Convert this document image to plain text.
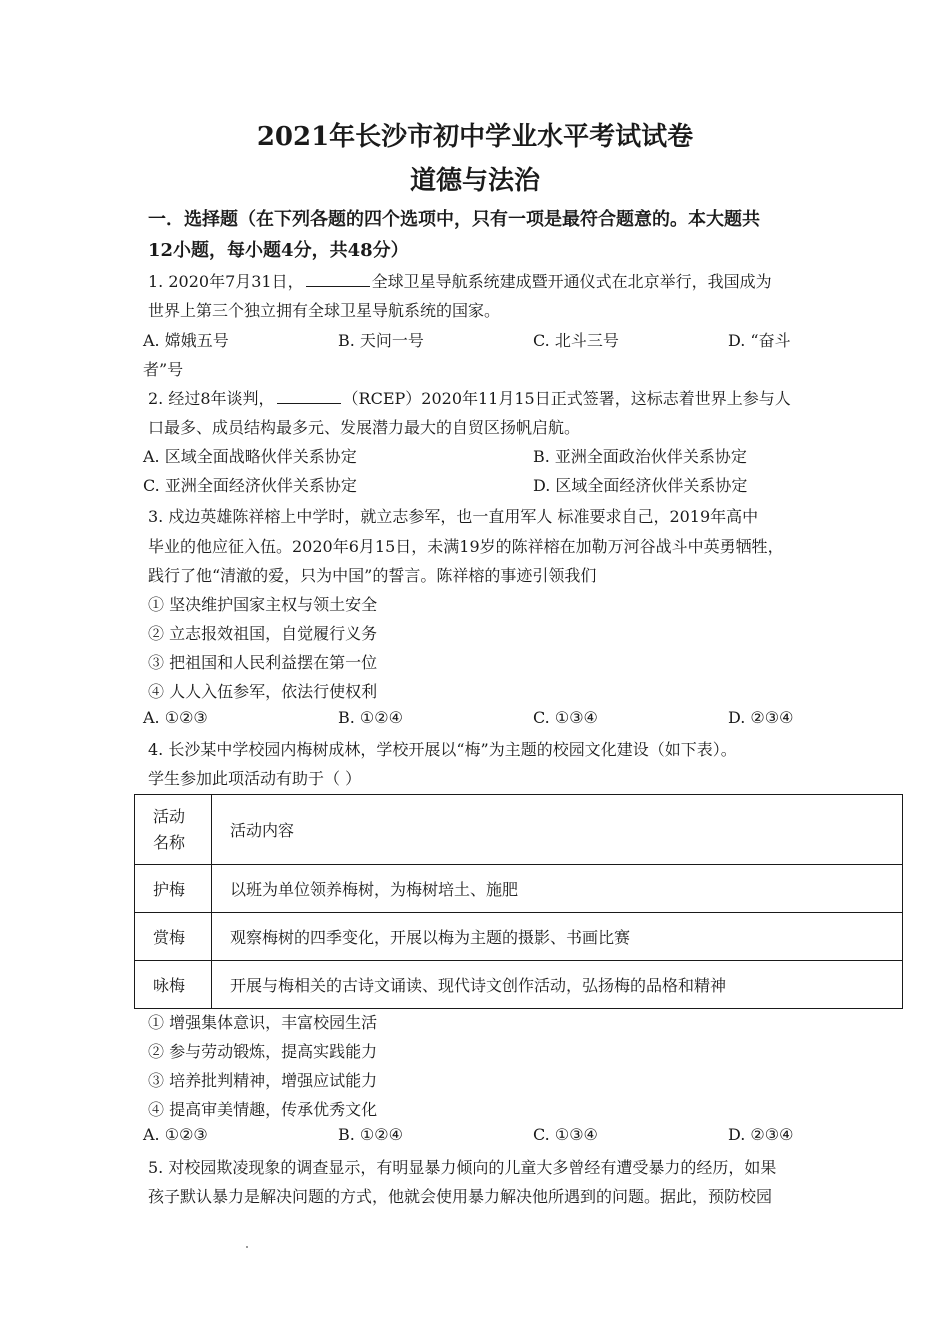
2021年长沙市初中学业水平考试试卷
道德与法治
一．选择题（在下列各题的四个选项中，只有一项是最符合题意的。本大题共
12小题，每小题4分，共48分）
1. 2020年7月31日，	全球卫星导航系统建成暨开通仪式在北京举行，我国成为
世界上第三个独立拥有全球卫星导航系统的国家。
A. 嫦娥五号	B. 天问一号	C. 北斗三号	D. “奋斗
者”号
2. 经过8年谈判，	（RCEP）2020年11月15日正式签署，这标志着世界上参与人
口最多、成员结构最多元、发展潜力最大的自贸区扬帆启航。
A. 区域全面战略伙伴关系协定	B. 亚洲全面政治伙伴关系协定
C. 亚洲全面经济伙伴关系协定	D. 区域全面经济伙伴关系协定
3. 戍边英雄陈祥榕上中学时，就立志参军，也一直用军人 标准要求自己，2019年高中
毕业的他应征入伍。2020年6月15日，未满19岁的陈祥榕在加勒万河谷战斗中英勇牺牲，
践行了他“清澈的爱，只为中国”的誓言。陈祥榕的事迹引领我们
① 坚决维护国家主权与领土安全
② 立志报效祖国，自觉履行义务
③ 把祖国和人民利益摆在第一位
④ 人人入伍参军，依法行使权利
A. ①②③	B. ①②④	C. ①③④	D. ②③④
4. 长沙某中学校园内梅树成林，学校开展以“梅”为主题的校园文化建设（如下表）。
学生参加此项活动有助于（ ）
活动
名称	活动内容
护梅	以班为单位领养梅树，为梅树培土、施肥
赏梅	观察梅树的四季变化，开展以梅为主题的摄影、书画比赛
咏梅	开展与梅相关的古诗文诵读、现代诗文创作活动，弘扬梅的品格和精神
① 增强集体意识，丰富校园生活
② 参与劳动锻炼，提高实践能力
③ 培养批判精神，增强应试能力
④ 提高审美情趣，传承优秀文化
A. ①②③	B. ①②④	C. ①③④	D. ②③④
5. 对校园欺凌现象的调查显示，有明显暴力倾向的儿童大多曾经有遭受暴力的经历，如果
孩子默认暴力是解决问题的方式，他就会使用暴力解决他所遇到的问题。据此，预防校园
